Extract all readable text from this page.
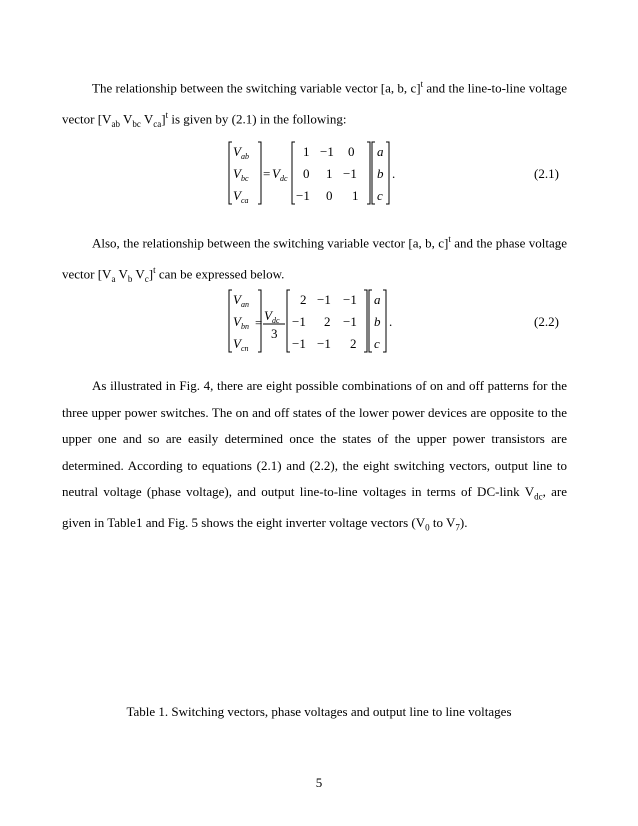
The relationship between the switching variable vector [a, b, c]$^t$ and the line-to-line voltage
vector [$V_{ab}$ $V_{bc}$ $V_{ca}]^t$ is given by (2.1) in the following:
V ab
V bc
V ca
= V dc
1 −1 0
0 1 −1
−1 0 1
a
b
c
.	(2.1)
Also, the relationship between the switching variable vector [a, b, c]$^t$ and the phase voltage
vector [$V_a$ $V_b$ $V_c]^t$ can be expressed below.
V an
V bn
V cn
= V dc
3
2 −1 −1
−1 2 −1
−1 −1 2
a
b
c
.	(2.2)
As illustrated in Fig. 4, there are eight possible combinations of on and off patterns for the
three upper power switches. The on and off states of the lower power devices are opposite to the
upper one and so are easily determined once the states of the upper power transistors are
determined. According to equations (2.1) and (2.2), the eight switching vectors, output line to
neutral voltage (phase voltage), and output line-to-line voltages in terms of DC-link $V_{dc}$, are
given in Table1 and Fig. 5 shows the eight inverter voltage vectors ($V_0$ to $V_7$).
Table 1. Switching vectors, phase voltages and output line to line voltages
5
